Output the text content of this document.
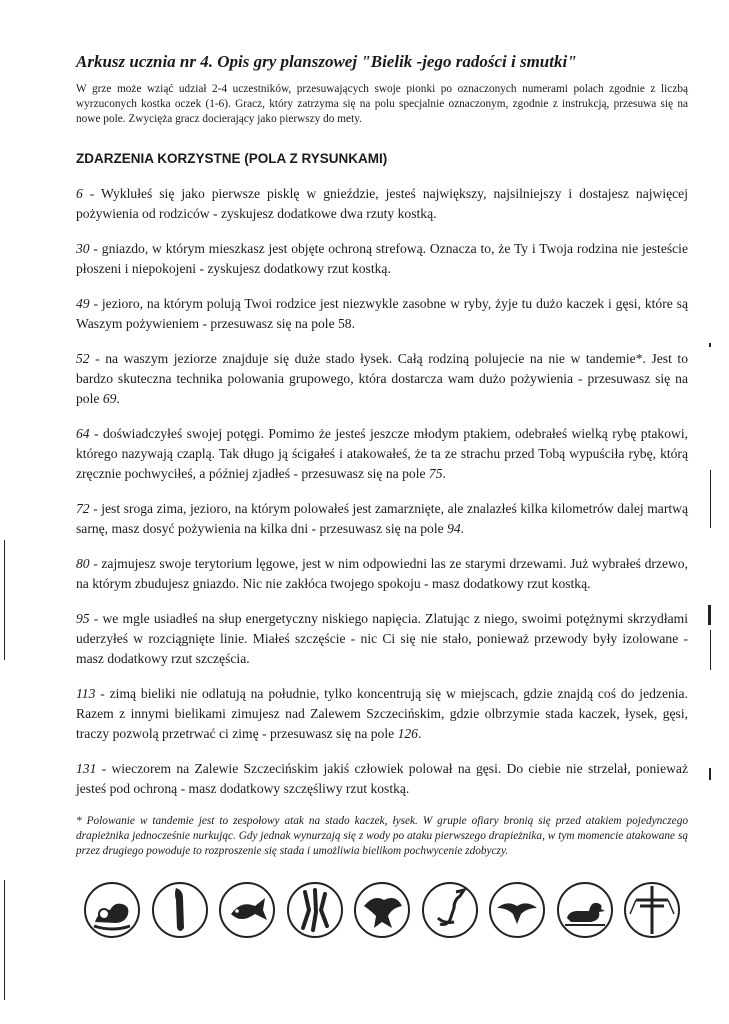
Arkusz ucznia nr 4. Opis gry planszowej "Bielik -jego radości i smutki"

W grze może wziąć udział 2-4 uczestników, przesuwających swoje pionki po oznaczonych numerami polach zgodnie z liczbą wyrzuconych kostka oczek (1-6). Gracz, który zatrzyma się na polu specjalnie oznaczonym, zgodnie z instrukcją, przesuwa się na nowe pole. Zwycięża gracz docierający jako pierwszy do mety.

ZDARZENIA KORZYSTNE (POLA Z RYSUNKAMI)

6 - Wyklułeś się jako pierwsze pisklę w gnieździe, jesteś największy, najsilniejszy i dostajesz najwięcej pożywienia od rodziców - zyskujesz dodatkowe dwa rzuty kostką.

30 - gniazdo, w którym mieszkasz jest objęte ochroną strefową. Oznacza to, że Ty i Twoja rodzina nie jesteście płoszeni i niepokojeni - zyskujesz dodatkowy rzut kostką.

49 - jezioro, na którym polują Twoi rodzice jest niezwykle zasobne w ryby, żyje tu dużo kaczek i gęsi, które są Waszym pożywieniem - przesuwasz się na pole 58.

52 - na waszym jeziorze znajduje się duże stado łysek. Całą rodziną polujecie na nie w tandemie*. Jest to bardzo skuteczna technika polowania grupowego, która dostarcza wam dużo pożywienia - przesuwasz się na pole 69.

64 - doświadczyłeś swojej potęgi. Pomimo że jesteś jeszcze młodym ptakiem, odebrałeś wielką rybę ptakowi, którego nazywają czaplą. Tak długo ją ścigałeś i atakowałeś, że ta ze strachu przed Tobą wypuściła rybę, którą zręcznie pochwyciłeś, a później zjadłeś - przesuwasz się na pole 75.

72 - jest sroga zima, jezioro, na którym polowałeś jest zamarznięte, ale znalazłeś kilka kilometrów dalej martwą sarnę, masz dosyć pożywienia na kilka dni - przesuwasz się na pole 94.

80 - zajmujesz swoje terytorium lęgowe, jest w nim odpowiedni las ze starymi drzewami. Już wybrałeś drzewo, na którym zbudujesz gniazdo. Nic nie zakłóca twojego spokoju - masz dodatkowy rzut kostką.

95 - we mgle usiadłeś na słup energetyczny niskiego napięcia. Zlatując z niego, swoimi potężnymi skrzydłami uderzyłeś w rozciągnięte linie. Miałeś szczęście - nic Ci się nie stało, ponieważ przewody były izolowane - masz dodatkowy rzut szczęścia.

113 - zimą bieliki nie odlatują na południe, tylko koncentrują się w miejscach, gdzie znajdą coś do jedzenia. Razem z innymi bielikami zimujesz nad Zalewem Szczecińskim, gdzie olbrzymie stada kaczek, łysek, gęsi, traczy pozwolą przetrwać ci zimę - przesuwasz się na pole 126.

131 - wieczorem na Zalewie Szczecińskim jakiś człowiek polował na gęsi. Do ciebie nie strzelał, ponieważ jesteś pod ochroną - masz dodatkowy szczęśliwy rzut kostką.

* Polowanie w tandemie jest to zespołowy atak na stado kaczek, łysek. W grupie ofiary bronią się przed atakiem pojedynczego drapieżnika jednocześnie nurkując. Gdy jednak wynurzają się z wody po ataku pierwszego drapieżnika, w tym momencie atakowane są przez drugiego powoduje to rozproszenie się stada i umożliwia bielikom pochwycenie zdobyczy.
